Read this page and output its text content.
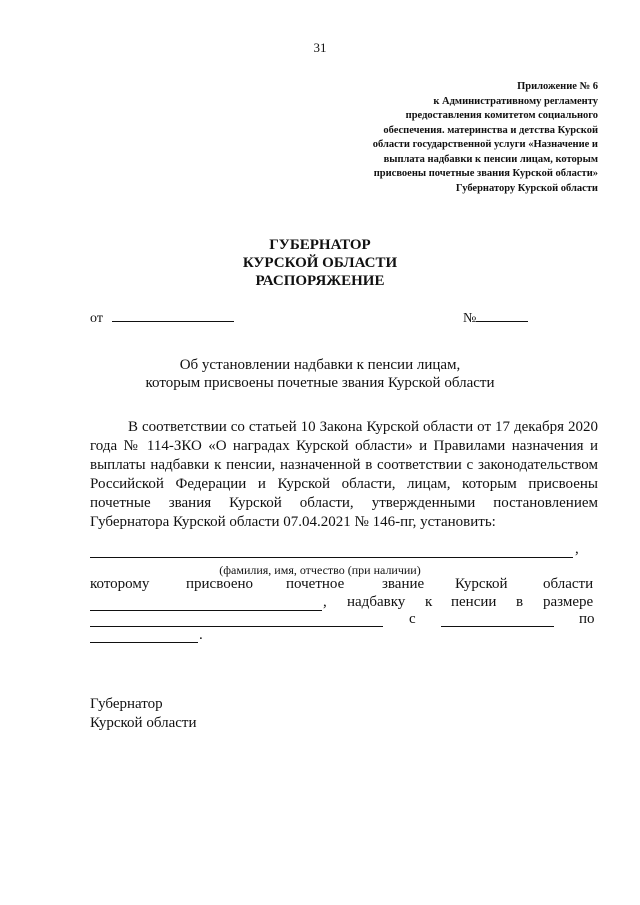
31
Приложение № 6
к Административному регламенту
предоставления комитетом социального
обеспечения. материнства и детства Курской
области государственной услуги «Назначение и
выплата надбавки к пенсии лицам, которым
присвоены почетные звания Курской области»
Губернатору Курской области
ГУБЕРНАТОР
КУРСКОЙ ОБЛАСТИ
РАСПОРЯЖЕНИЕ
от	№
Об установлении надбавки к пенсии лицам,
которым присвоены почетные звания Курской области
В соответствии со статьей 10 Закона Курской области от 17 декабря 2020 года № 114-ЗКО «О наградах Курской области» и Правилами назначения и выплаты надбавки к пенсии, назначенной в соответствии с законодательством Российской Федерации и Курской области, лицам, которым присвоены почетные звания Курской области, утвержденными постановлением Губернатора Курской области 07.04.2021 № 146-пг, установить:
,
(фамилия, имя, отчество (при наличии)
которому присвоено почетное	звание Курской области
, надбавку к пенсии в размере
с	по
.
Губернатор
Курской области
